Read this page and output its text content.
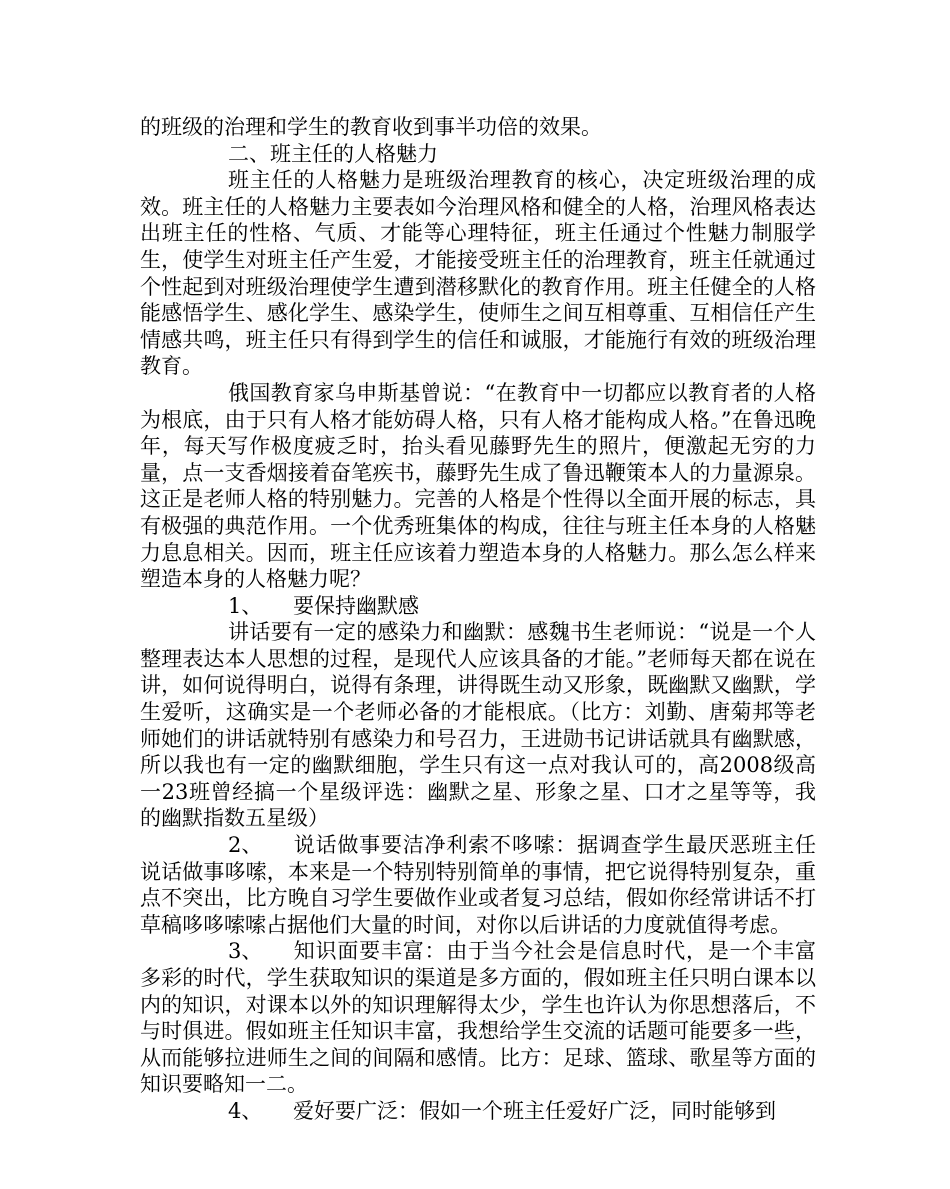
的班级的治理和学生的教育收到事半功倍的效果。

二、班主任的人格魅力

班主任的人格魅力是班级治理教育的核心，决定班级治理的成效。班主任的人格魅力主要表如今治理风格和健全的人格，治理风格表达出班主任的性格、气质、才能等心理特征，班主任通过个性魅力制服学生，使学生对班主任产生爱，才能接受班主任的治理教育，班主任就通过个性起到对班级治理使学生遭到潜移默化的教育作用。班主任健全的人格能感悟学生、感化学生、感染学生，使师生之间互相尊重、互相信任产生情感共鸣，班主任只有得到学生的信任和诚服，才能施行有效的班级治理教育。

俄国教育家乌申斯基曾说：“在教育中一切都应以教育者的人格为根底，由于只有人格才能妨碍人格，只有人格才能构成人格。”在鲁迅晚年，每天写作极度疲乏时，抬头看见藤野先生的照片，便激起无穷的力量，点一支香烟接着奋笔疾书，藤野先生成了鲁迅鞭策本人的力量源泉。这正是老师人格的特别魅力。完善的人格是个性得以全面开展的标志，具有极强的典范作用。一个优秀班集体的构成，往往与班主任本身的人格魅力息息相关。因而，班主任应该着力塑造本身的人格魅力。那么怎么样来塑造本身的人格魅力呢？

1、 要保持幽默感

讲话要有一定的感染力和幽默：感魏书生老师说：“说是一个人整理表达本人思想的过程，是现代人应该具备的才能。”老师每天都在说在讲，如何说得明白，说得有条理，讲得既生动又形象，既幽默又幽默，学生爱听，这确实是一个老师必备的才能根底。（比方：刘勤、唐菊邦等老师她们的讲话就特别有感染力和号召力，王进勋书记讲话就具有幽默感，所以我也有一定的幽默细胞，学生只有这一点对我认可的，高2008级高一23班曾经搞一个星级评选：幽默之星、形象之星、口才之星等等，我的幽默指数五星级）

2、 说话做事要洁净利索不哆嗦：据调查学生最厌恶班主任说话做事哆嗦，本来是一个特别特别简单的事情，把它说得特别复杂，重点不突出，比方晚自习学生要做作业或者复习总结，假如你经常讲话不打草稿哆哆嗦嗦占据他们大量的时间，对你以后讲话的力度就值得考虑。

3、 知识面要丰富：由于当今社会是信息时代，是一个丰富多彩的时代，学生获取知识的渠道是多方面的，假如班主任只明白课本以内的知识，对课本以外的知识理解得太少，学生也许认为你思想落后，不与时俱进。假如班主任知识丰富，我想给学生交流的话题可能要多一些，从而能够拉进师生之间的间隔和感情。比方：足球、篮球、歌星等方面的知识要略知一二。

4、 爱好要广泛：假如一个班主任爱好广泛，同时能够到
